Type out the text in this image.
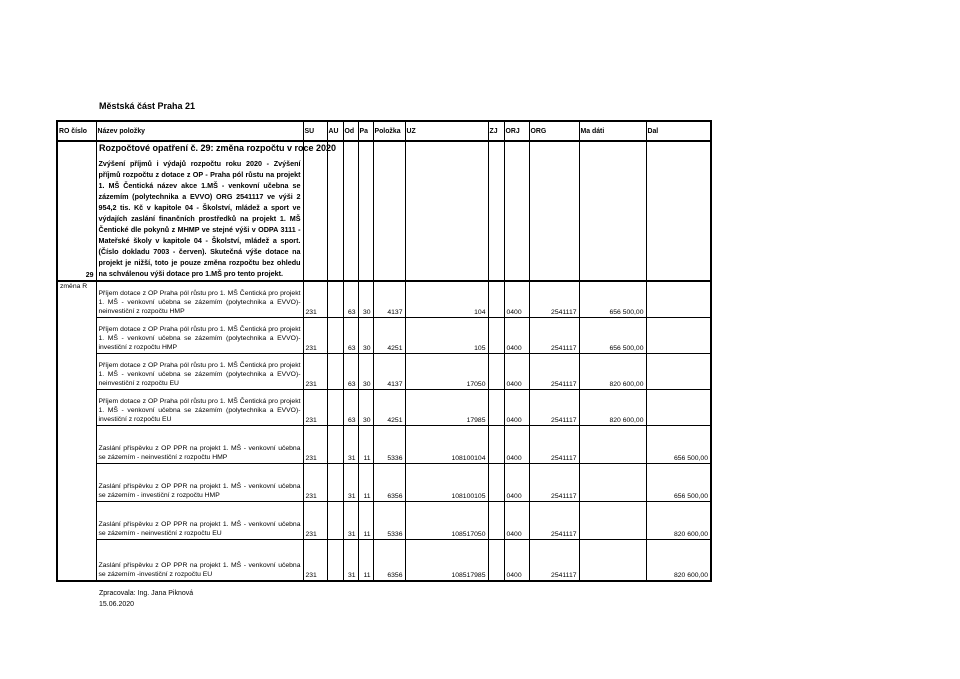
Městská část Praha 21

Rozpočtové opatření č. 29: změna rozpočtu v roce 2020

RO číslo	Název položky	SU	AU	Od	Pa	Položka	UZ	ZJ	ORJ	ORG	Ma dáti	Dal
29	Zvýšení příjmů i výdajů rozpočtu roku 2020 - Zvýšení příjmů rozpočtu z dotace z OP - Praha pól růstu na projekt 1. MŠ Čentická název akce 1.MŠ - venkovní učebna se zázemím (polytechnika a EVVO) ORG 2541117 ve výši 2 954,2 tis. Kč v kapitole 04 - Školství, mládež a sport ve výdajích zaslání finančních prostředků na projekt 1. MŠ Čentické dle pokynů z MHMP ve stejné výši v ODPA 3111 - Mateřské školy v kapitole 04 - Školství, mládež a sport. (Číslo dokladu 7003 - červen). Skutečná výše dotace na projekt je nižší, toto je pouze změna rozpočtu bez ohledu na schválenou výši dotace pro 1.MŠ pro tento projekt.											
změna R	Příjem dotace z OP Praha pól růstu pro 1. MŠ Čentická pro projekt 1. MŠ - venkovní učebna se zázemím (polytechnika a EVVO)- neinvestiční z rozpočtu HMP	231		63	30	4137	104		0400	2541117	656 500,00	
	Příjem dotace z OP Praha pól růstu pro 1. MŠ Čentická pro projekt 1. MŠ - venkovní učebna se zázemím (polytechnika a EVVO)- investiční z rozpočtu HMP	231		63	30	4251	105		0400	2541117	656 500,00	
	Příjem dotace z OP Praha pól růstu pro 1. MŠ Čentická pro projekt 1. MŠ - venkovní učebna se zázemím (polytechnika a EVVO)- neinvestiční z rozpočtu EU	231		63	30	4137	17050		0400	2541117	820 600,00	
	Příjem dotace z OP Praha pól růstu pro 1. MŠ Čentická pro projekt 1. MŠ - venkovní učebna se zázemím (polytechnika a EVVO)- investiční z rozpočtu EU	231		63	30	4251	17985		0400	2541117	820 600,00	
	Zaslání příspěvku z OP PPR na projekt 1. MŠ - venkovní učebna se zázemím - neinvestiční z rozpočtu HMP	231		31	11	5336	108100104		0400	2541117		656 500,00
	Zaslání příspěvku z OP PPR na projekt 1. MŠ - venkovní učebna se zázemím - investiční z rozpočtu HMP	231		31	11	6356	108100105		0400	2541117		656 500,00
	Zaslání příspěvku z OP PPR na projekt 1. MŠ - venkovní učebna se zázemím - neinvestiční z rozpočtu EU	231		31	11	5336	108517050		0400	2541117		820 600,00
	Zaslání příspěvku z OP PPR na projekt 1. MŠ - venkovní učebna se zázemím -investiční z rozpočtu EU	231		31	11	6356	108517985		0400	2541117		820 600,00
Zpracovala: Ing. Jana Piknová
15.06.2020
